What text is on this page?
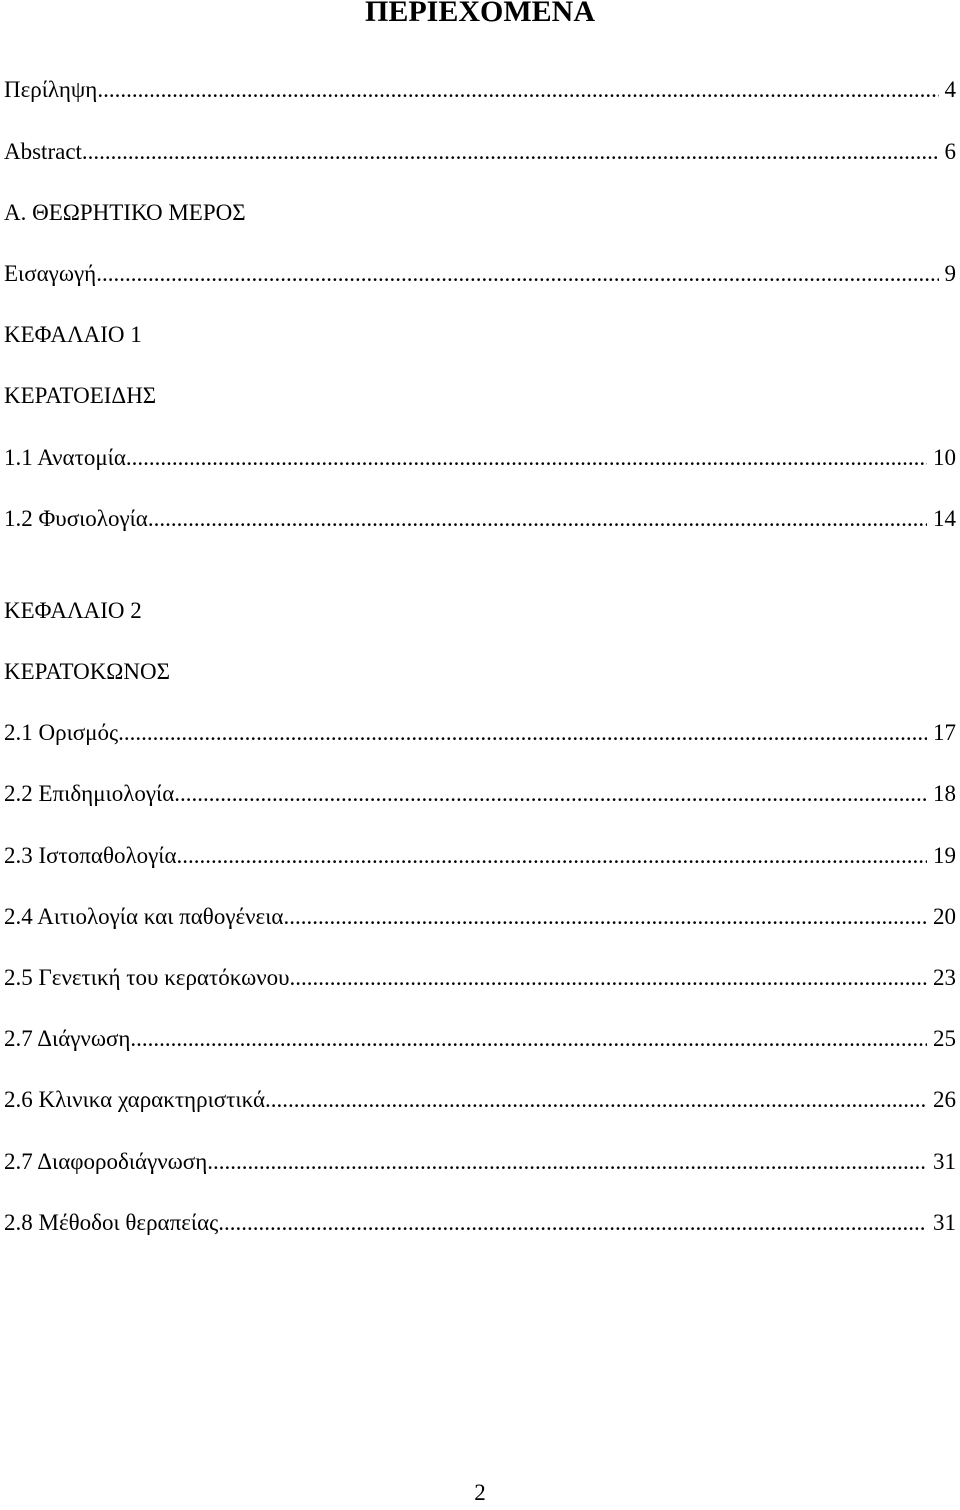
ΠΕΡΙΕΧΟΜΕΝΑ
Περίληψη .....	4
Abstract .....	6
Α. ΘΕΩΡΗΤΙΚΟ ΜΕΡΟΣ
Εισαγωγή .....	9
ΚΕΦΑΛΑΙΟ 1
ΚΕΡΑΤΟΕΙΔΗΣ
1.1 Ανατομία .....	10
1.2 Φυσιολογία .....	14
ΚΕΦΑΛΑΙΟ 2
ΚΕΡΑΤΟΚΩΝΟΣ
2.1 Ορισμός .....	17
2.2 Επιδημιολογία .....	18
2.3 Ιστοπαθολογία .....	19
2.4 Αιτιολογία και παθογένεια .....	20
2.5 Γενετική του κερατόκωνου .....	23
2.7 Διάγνωση .....	25
2.6 Κλινικα χαρακτηριστικά .....	26
2.7 Διαφοροδιάγνωση .....	31
2.8 Μέθοδοι θεραπείας .....	31
2
